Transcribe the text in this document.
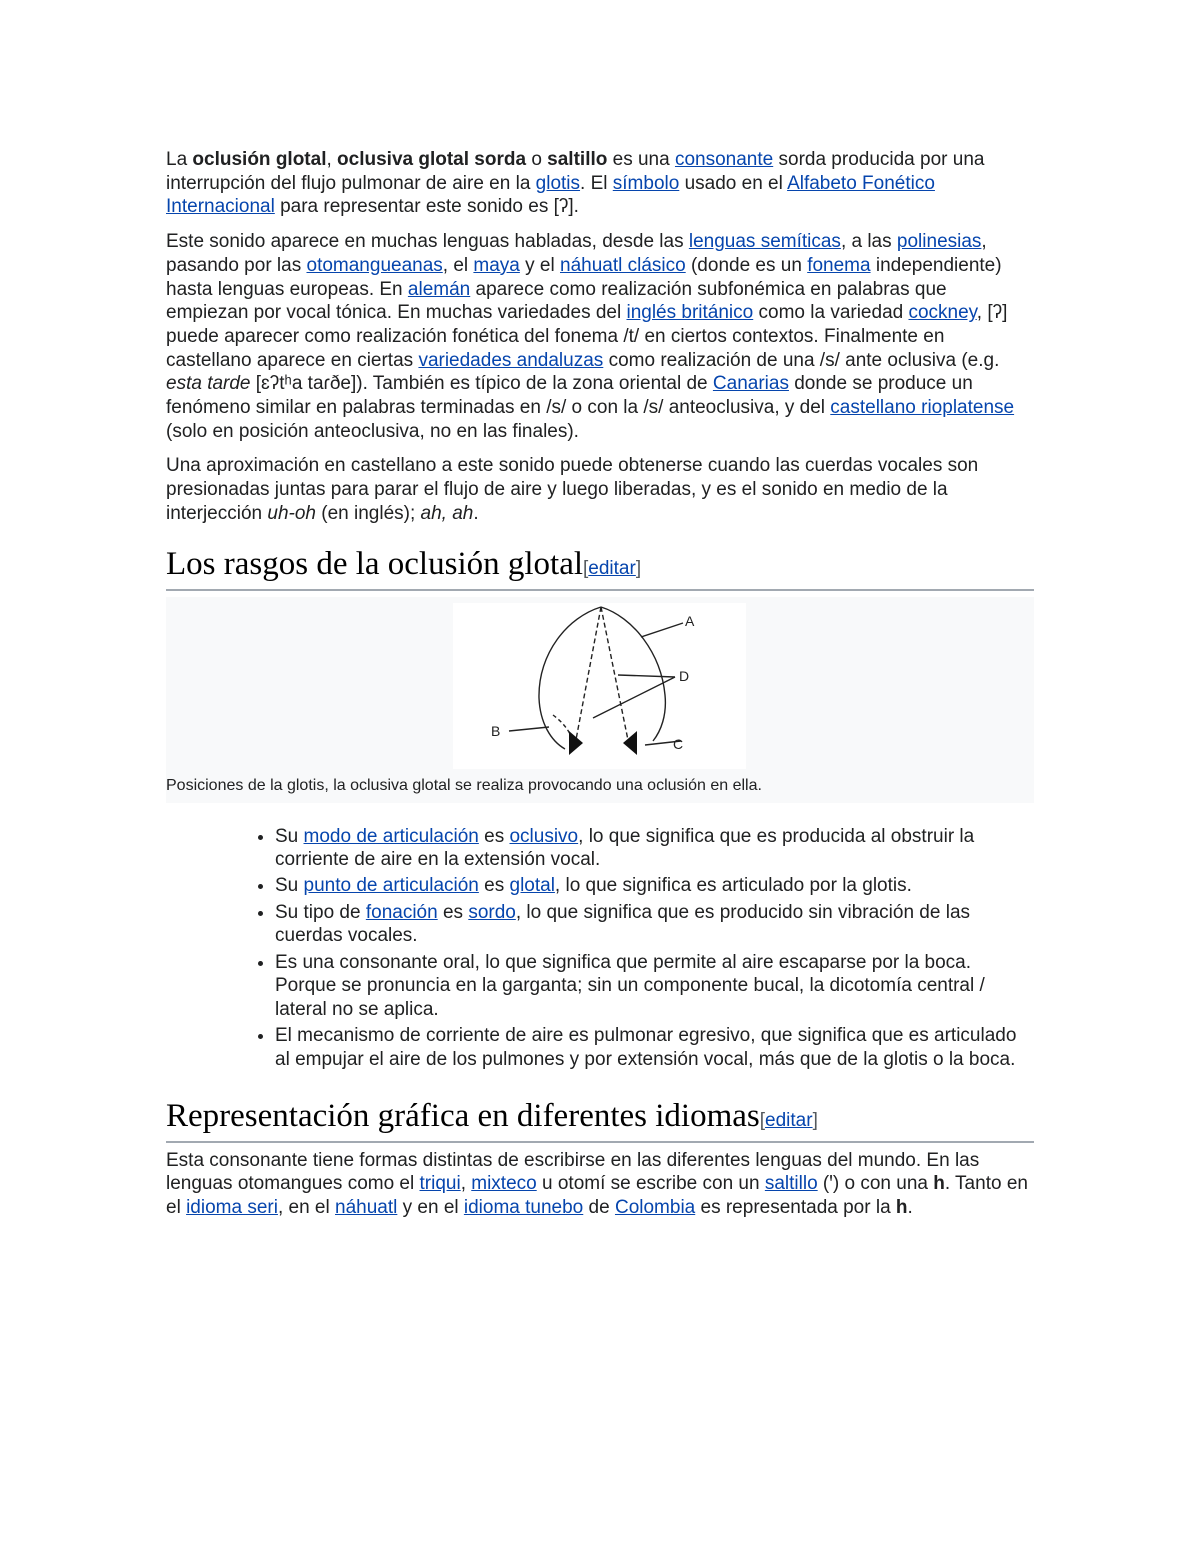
La oclusión glotal, oclusiva glotal sorda o saltillo es una consonante sorda producida por una interrupción del flujo pulmonar de aire en la glotis. El símbolo usado en el Alfabeto Fonético Internacional para representar este sonido es [ʔ].

Este sonido aparece en muchas lenguas habladas, desde las lenguas semíticas, a las polinesias, pasando por las otomangueanas, el maya y el náhuatl clásico (donde es un fonema independiente) hasta lenguas europeas. En alemán aparece como realización subfonémica en palabras que empiezan por vocal tónica. En muchas variedades del inglés británico como la variedad cockney, [ʔ] puede aparecer como realización fonética del fonema /t/ en ciertos contextos. Finalmente en castellano aparece en ciertas variedades andaluzas como realización de una /s/ ante oclusiva (e.g. esta tarde [ɛʔtʰa taɾðe]). También es típico de la zona oriental de Canarias donde se produce un fenómeno similar en palabras terminadas en /s/ o con la /s/ anteoclusiva, y del castellano rioplatense (solo en posición anteoclusiva, no en las finales).

Una aproximación en castellano a este sonido puede obtenerse cuando las cuerdas vocales son presionadas juntas para parar el flujo de aire y luego liberadas, y es el sonido en medio de la interjección uh-oh (en inglés); ah, ah.

Los rasgos de la oclusión glotal[editar]
A
D
B
C
Posiciones de la glotis, la oclusiva glotal se realiza provocando una oclusión en ella.
• Su modo de articulación es oclusivo, lo que significa que es producida al obstruir la corriente de aire en la extensión vocal.
• Su punto de articulación es glotal, lo que significa es articulado por la glotis.
• Su tipo de fonación es sordo, lo que significa que es producido sin vibración de las cuerdas vocales.
• Es una consonante oral, lo que significa que permite al aire escaparse por la boca. Porque se pronuncia en la garganta; sin un componente bucal, la dicotomía central / lateral no se aplica.
• El mecanismo de corriente de aire es pulmonar egresivo, que significa que es articulado al empujar el aire de los pulmones y por extensión vocal, más que de la glotis o la boca.
Representación gráfica en diferentes idiomas[editar]

Esta consonante tiene formas distintas de escribirse en las diferentes lenguas del mundo. En las lenguas otomangues como el triqui, mixteco u otomí se escribe con un saltillo (ꞌ) o con una h. Tanto en el idioma seri, en el náhuatl y en el idioma tunebo de Colombia es representada por la h.
